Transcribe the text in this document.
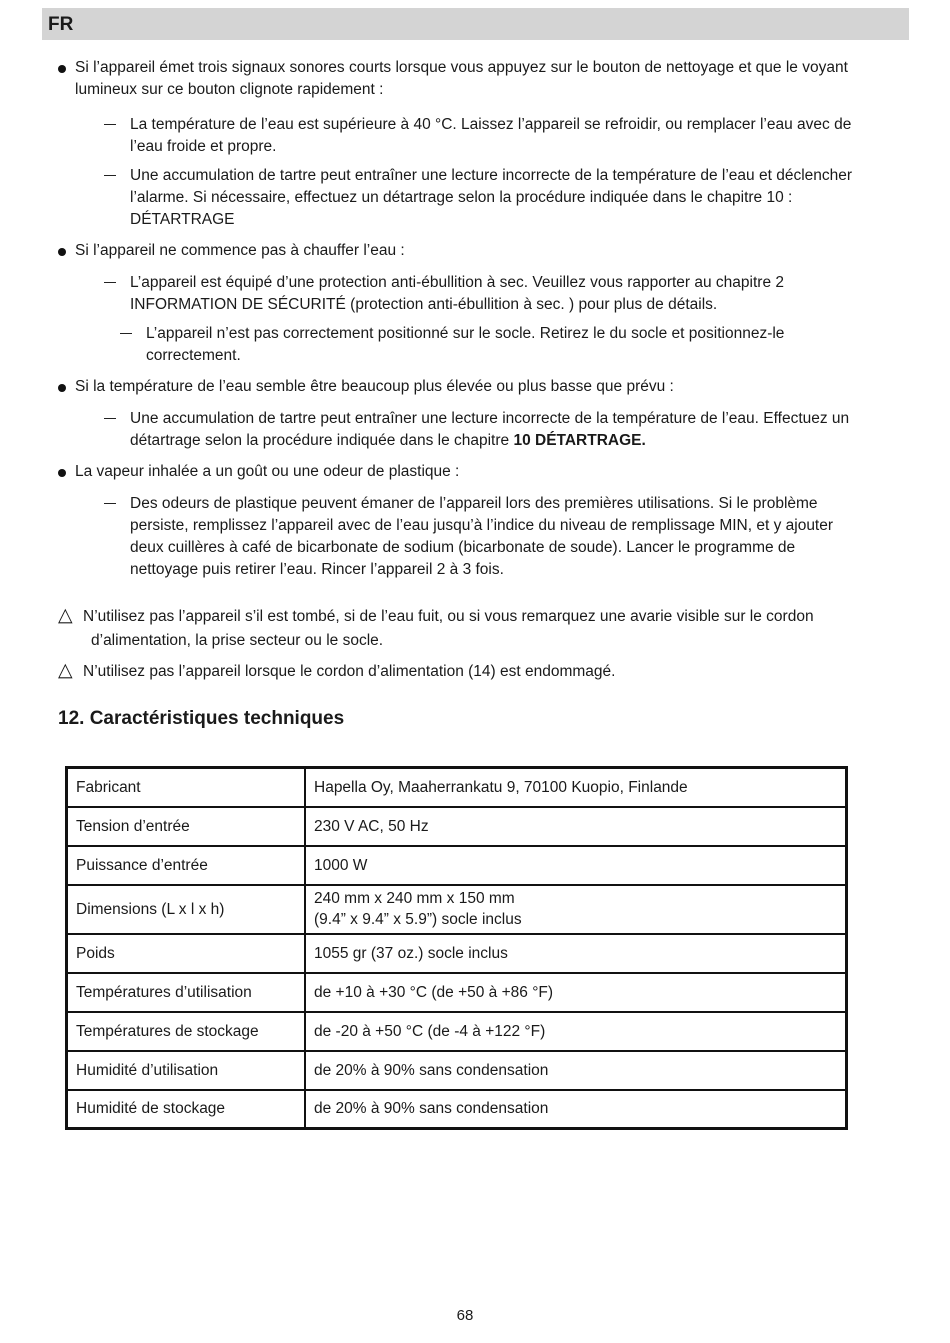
FR
Si l’appareil émet trois signaux sonores courts lorsque vous appuyez sur le bouton de nettoyage et que le voyant lumineux sur ce bouton clignote rapidement :
La température de l’eau est supérieure à 40 °C. Laissez l’appareil se refroidir, ou remplacer l’eau avec de l’eau froide et propre.
Une accumulation de tartre peut entraîner une lecture incorrecte de la température de l’eau et déclencher l’alarme. Si nécessaire, effectuez un détartrage selon la procédure indiquée dans le chapitre 10 : DÉTARTRAGE
Si l’appareil ne commence pas à chauffer l’eau :
L’appareil est équipé d’une protection anti-ébullition à sec. Veuillez vous rapporter au chapitre 2 INFORMATION DE SÉCURITÉ (protection anti-ébullition à sec. ) pour plus de détails.
L’appareil n’est pas correctement positionné sur le socle. Retirez le du socle et positionnez-le correctement.
Si la température de l’eau semble être beaucoup plus élevée ou plus basse que prévu :
Une accumulation de tartre peut entraîner une lecture incorrecte de la température de l’eau. Effectuez un détartrage selon la procédure indiquée dans le chapitre 10 DÉTARTRAGE.
La vapeur inhalée a un goût ou une odeur de plastique :
Des odeurs de plastique peuvent émaner de l’appareil lors des premières utilisations. Si le problème persiste, remplissez l’appareil avec de l’eau jusqu’à l’indice du niveau de remplissage MIN, et y ajouter deux cuillères à café de bicarbonate de sodium (bicarbonate de soude). Lancer le programme de nettoyage puis retirer l’eau. Rincer l’appareil 2 à 3 fois.
△ N’utilisez pas l’appareil s’il est tombé, si de l’eau fuit, ou si vous remarquez une avarie visible sur le cordon
d’alimentation, la prise secteur ou le socle.
△ N’utilisez pas l’appareil lorsque le cordon d’alimentation (14) est endommagé.
12. Caractéristiques techniques
Fabricant	Hapella Oy, Maaherrankatu 9, 70100 Kuopio, Finlande
Tension d’entrée	230 V AC, 50 Hz
Puissance d’entrée	1000 W
Dimensions (L x l x h)	240 mm x 240 mm x 150 mm
(9.4” x 9.4” x 5.9”) socle inclus

Poids	1055 gr (37 oz.) socle inclus
Températures d’utilisation	de +10 à +30 °C (de +50 à +86 °F)
Températures de stockage	de -20 à +50 °C (de -4 à +122 °F)
Humidité d’utilisation	de 20% à 90% sans condensation
Humidité de stockage	de 20% à 90% sans condensation
68
